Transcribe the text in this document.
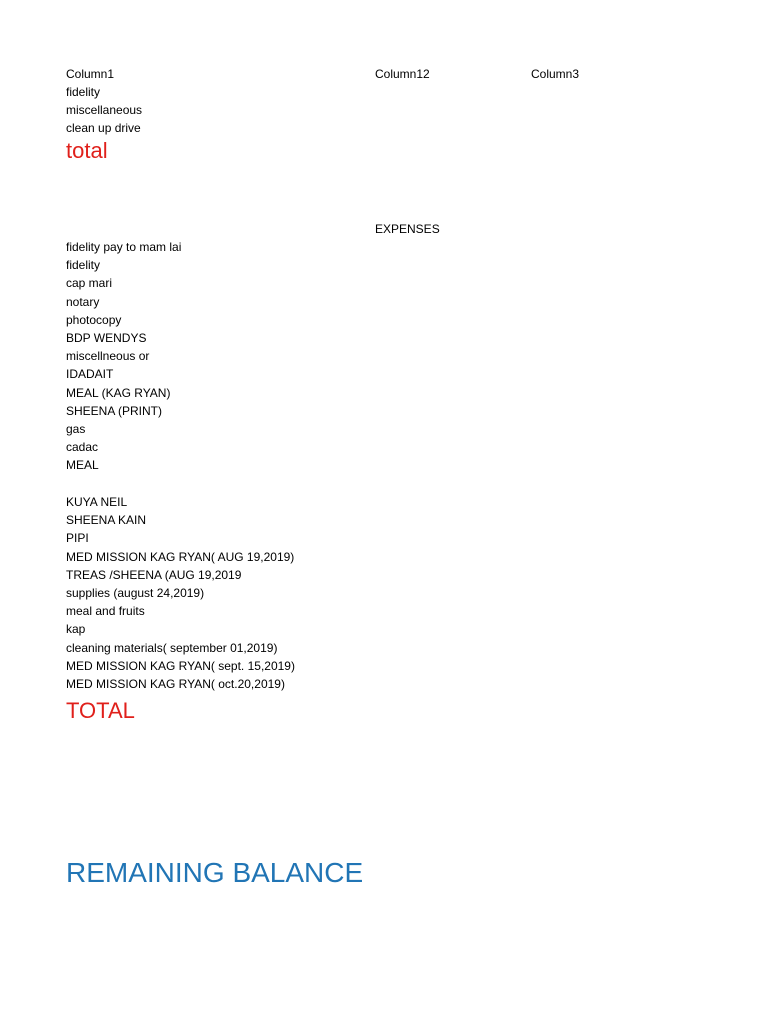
Column1	Column12	Column3
fidelity
miscellaneous
clean up drive
total
EXPENSES
fidelity pay to mam lai
fidelity
cap mari
notary
photocopy
BDP WENDYS
miscellneous or
IDADAIT
MEAL (KAG RYAN)
SHEENA (PRINT)
gas
cadac
MEAL
KUYA NEIL
SHEENA KAIN
PIPI
MED MISSION KAG RYAN( AUG 19,2019)
TREAS /SHEENA (AUG 19,2019
supplies (august 24,2019)
meal and fruits
kap
cleaning materials( september 01,2019)
MED MISSION KAG RYAN( sept. 15,2019)
MED MISSION KAG RYAN( oct.20,2019)
TOTAL
REMAINING BALANCE
